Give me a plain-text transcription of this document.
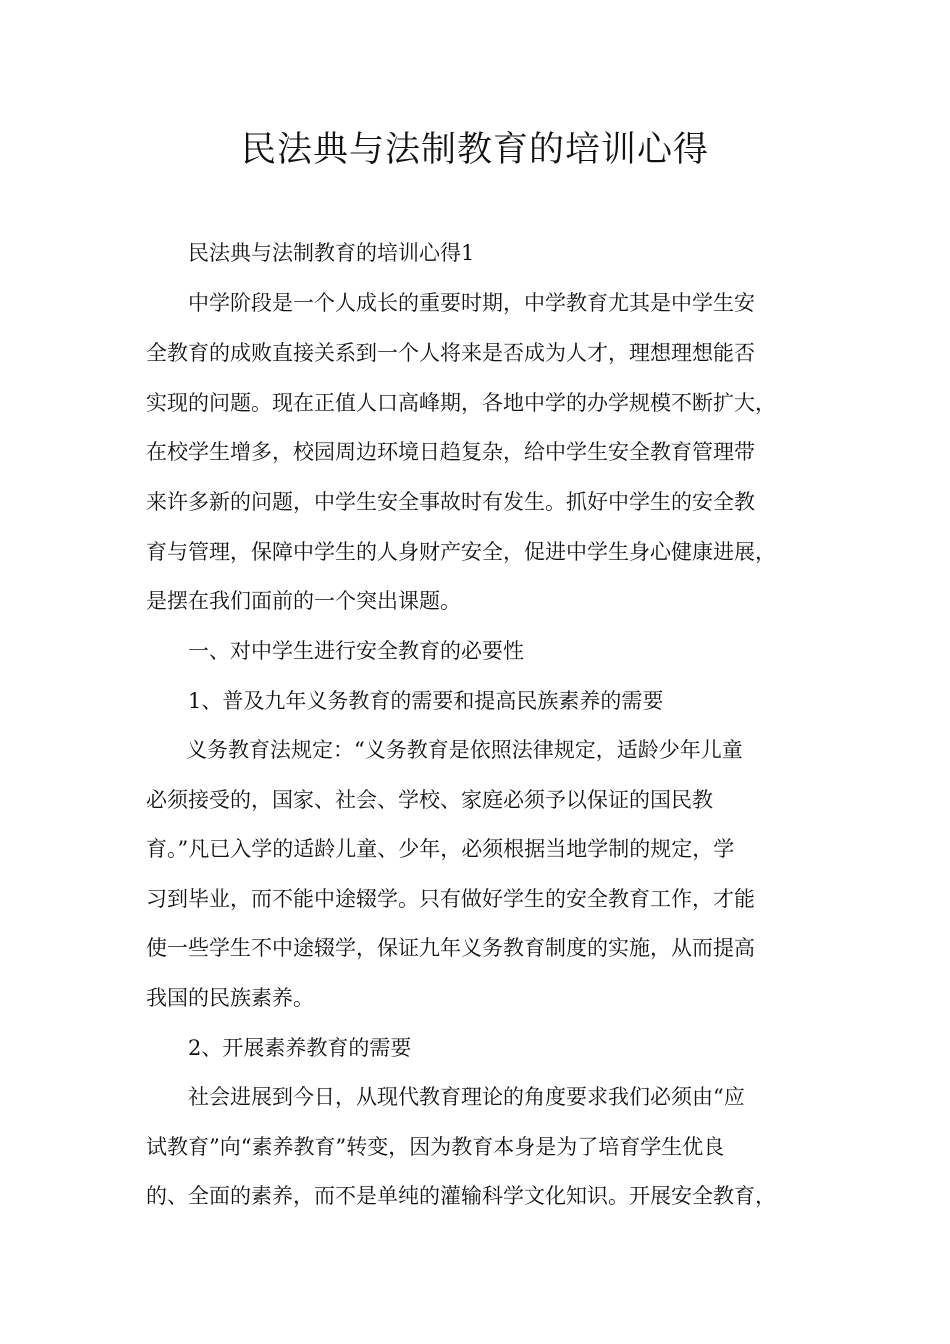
民法典与法制教育的培训心得

民法典与法制教育的培训心得1

中学阶段是一个人成长的重要时期，中学教育尤其是中学生安

全教育的成败直接关系到一个人将来是否成为人才，理想理想能否

实现的问题。现在正值人口高峰期，各地中学的办学规模不断扩大，

在校学生增多，校园周边环境日趋复杂，给中学生安全教育管理带

来许多新的问题，中学生安全事故时有发生。抓好中学生的安全教

育与管理，保障中学生的人身财产安全，促进中学生身心健康进展，

是摆在我们面前的一个突出课题。

一、对中学生进行安全教育的必要性

1、普及九年义务教育的需要和提高民族素养的需要

义务教育法规定：“义务教育是依照法律规定，适龄少年儿童

必须接受的，国家、社会、学校、家庭必须予以保证的国民教

育。”凡已入学的适龄儿童、少年，必须根据当地学制的规定，学

习到毕业，而不能中途辍学。只有做好学生的安全教育工作，才能

使一些学生不中途辍学，保证九年义务教育制度的实施，从而提高

我国的民族素养。

2、开展素养教育的需要

社会进展到今日，从现代教育理论的角度要求我们必须由“应

试教育”向“素养教育”转变，因为教育本身是为了培育学生优良

的、全面的素养，而不是单纯的灌输科学文化知识。开展安全教育，
